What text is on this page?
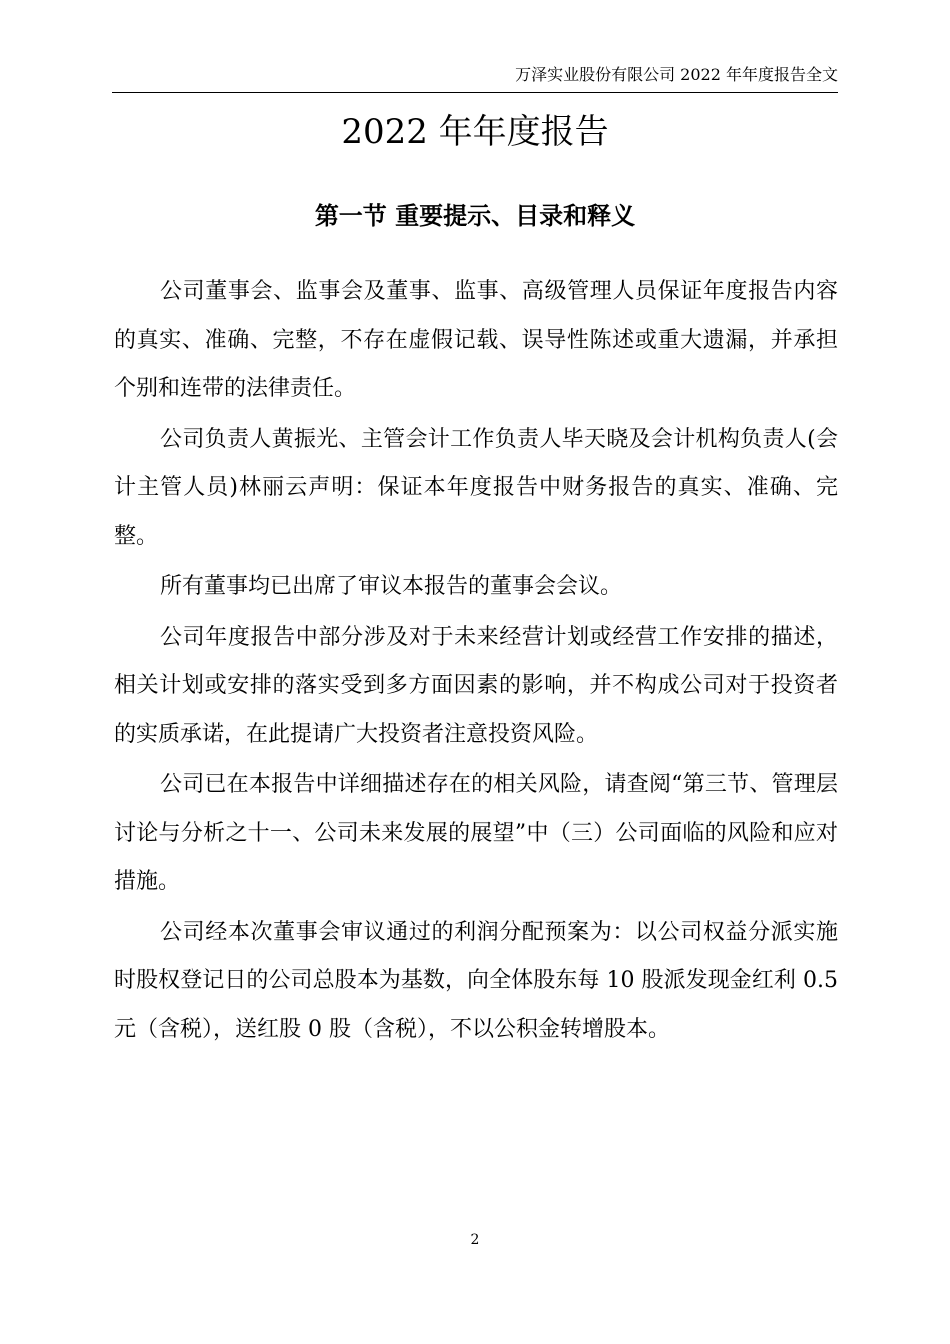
万泽实业股份有限公司 2022 年年度报告全文
2022 年年度报告
第一节 重要提示、目录和释义

公司董事会、监事会及董事、监事、高级管理人员保证年度报告内容的真实、准确、完整，不存在虚假记载、误导性陈述或重大遗漏，并承担个别和连带的法律责任。

公司负责人黄振光、主管会计工作负责人毕天晓及会计机构负责人(会计主管人员)林丽云声明：保证本年度报告中财务报告的真实、准确、完整。

所有董事均已出席了审议本报告的董事会会议。

公司年度报告中部分涉及对于未来经营计划或经营工作安排的描述，相关计划或安排的落实受到多方面因素的影响，并不构成公司对于投资者的实质承诺，在此提请广大投资者注意投资风险。

公司已在本报告中详细描述存在的相关风险，请查阅“第三节、管理层讨论与分析之十一、公司未来发展的展望”中（三）公司面临的风险和应对措施。

公司经本次董事会审议通过的利润分配预案为：以公司权益分派实施时股权登记日的公司总股本为基数，向全体股东每 10 股派发现金红利 0.5 元（含税），送红股 0 股（含税），不以公积金转增股本。

2
